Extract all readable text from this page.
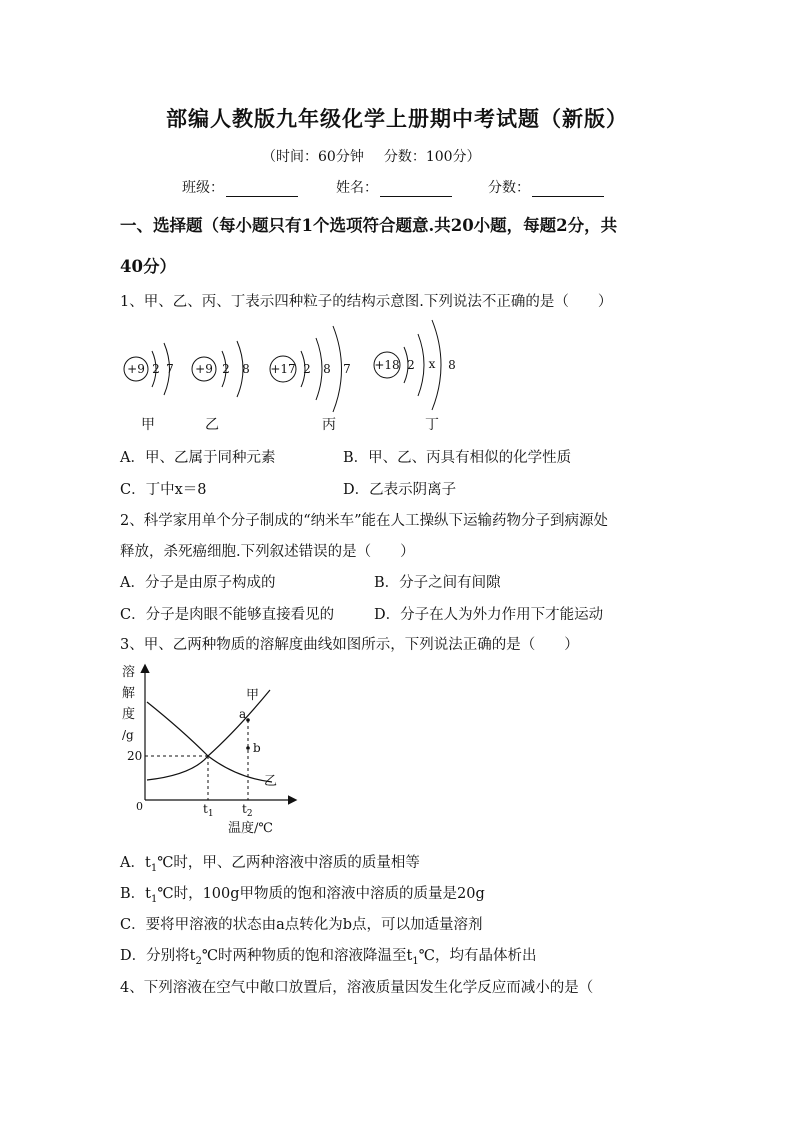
部编人教版九年级化学上册期中考试题（新版）
（时间：60分钟 分数：100分）
班级：	姓名：	分数：
一、选择题（每小题只有1个选项符合题意.共20小题，每题2分，共
40分）
1、甲、乙、丙、丁表示四种粒子的结构示意图.下列说法不正确的是（　　）
+9 2 7
甲
+9 2 8
乙
+17 2 8 7
丙
+18 2 x 8
丁
A．甲、乙属于同种元素	B．甲、乙、丙具有相似的化学性质
C．丁中x＝8	D．乙表示阴离子
2、科学家用单个分子制成的“纳米车”能在人工操纵下运输药物分子到病源处
释放，杀死癌细胞.下列叙述错误的是（　　）
A．分子是由原子构成的	B．分子之间有间隙
C．分子是肉眼不能够直接看见的	D．分子在人为外力作用下才能运动
3、甲、乙两种物质的溶解度曲线如图所示，下列说法正确的是（　　）
溶
解
度
/g
20
0	$t_1$ $t_2$
温度/℃
甲
乙
a
b
A．$t_1℃$时，甲、乙两种溶液中溶质的质量相等
B．$t_1℃$时，100g甲物质的饱和溶液中溶质的质量是20g
C．要将甲溶液的状态由a点转化为b点，可以加适量溶剂
D．分别将$t_2℃$时两种物质的饱和溶液降温至$t_1℃$，均有晶体析出
4、下列溶液在空气中敞口放置后，溶液质量因发生化学反应而减小的是（
